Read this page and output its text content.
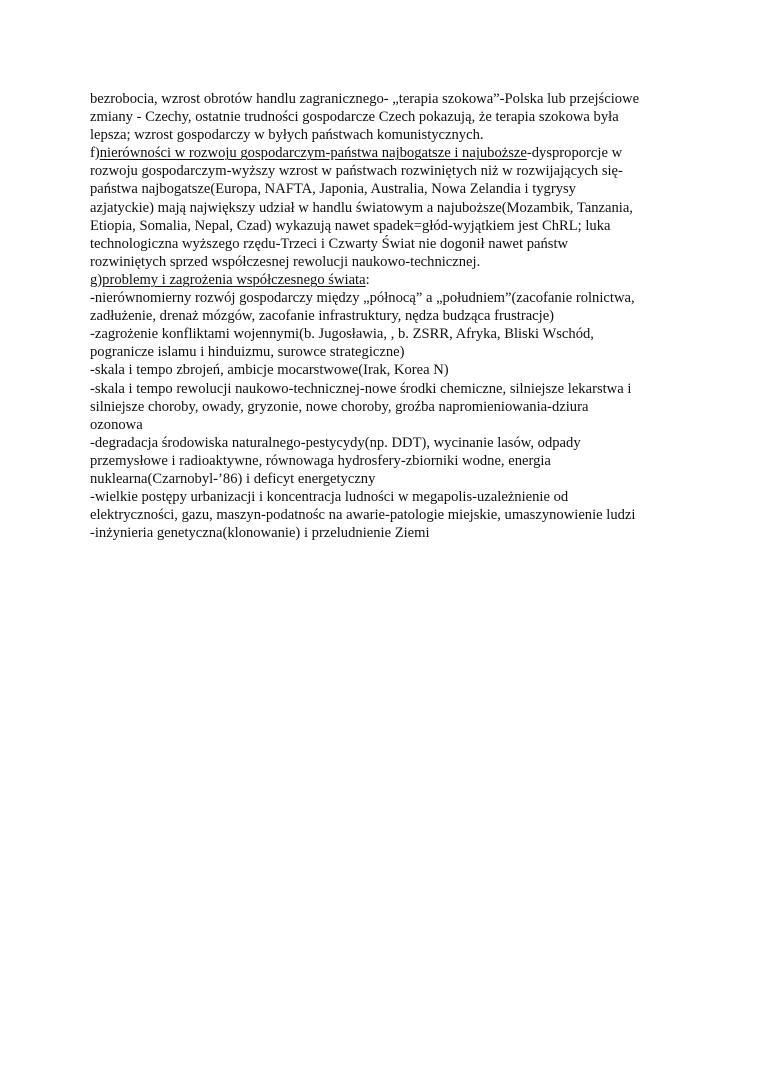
bezrobocia, wzrost obrotów handlu zagranicznego- „terapia szokowa”-Polska lub przejściowe
zmiany - Czechy, ostatnie trudności gospodarcze Czech pokazują, że terapia szokowa była
lepsza; wzrost gospodarczy w byłych państwach komunistycznych.
f)nierówności w rozwoju gospodarczym-państwa najbogatsze i najuboższe-dysproporcje w
rozwoju gospodarczym-wyższy wzrost w państwach rozwiniętych niż w rozwijających się-
państwa najbogatsze(Europa, NAFTA, Japonia, Australia, Nowa Zelandia i tygrysy
azjatyckie) mają największy udział w handlu światowym a najuboższe(Mozambik, Tanzania,
Etiopia, Somalia, Nepal, Czad) wykazują nawet spadek=głód-wyjątkiem jest ChRL; luka
technologiczna wyższego rzędu-Trzeci i Czwarty Świat nie dogonił nawet państw
rozwiniętych sprzed współczesnej rewolucji naukowo-technicznej.
g)problemy i zagrożenia współczesnego świata:
-nierównomierny rozwój gospodarczy między „północą” a „południem”(zacofanie rolnictwa,
zadłużenie, drenaż mózgów, zacofanie infrastruktury, nędza budząca frustracje)
-zagrożenie konfliktami wojennymi(b. Jugosławia, , b. ZSRR, Afryka, Bliski Wschód,
pogranicze islamu i hinduizmu, surowce strategiczne)
-skala i tempo zbrojeń, ambicje mocarstwowe(Irak, Korea N)
-skala i tempo rewolucji naukowo-technicznej-nowe środki chemiczne, silniejsze lekarstwa i
silniejsze choroby, owady, gryzonie, nowe choroby, groźba napromieniowania-dziura
ozonowa
-degradacja środowiska naturalnego-pestycydy(np. DDT), wycinanie lasów, odpady
przemysłowe i radioaktywne, równowaga hydrosfery-zbiorniki wodne, energia
nuklearna(Czarnobyl-’86) i deficyt energetyczny
-wielkie postępy urbanizacji i koncentracja ludności w megapolis-uzależnienie od
elektryczności, gazu, maszyn-podatnośc na awarie-patologie miejskie, umaszynowienie ludzi
-inżynieria genetyczna(klonowanie) i przeludnienie Ziemi
